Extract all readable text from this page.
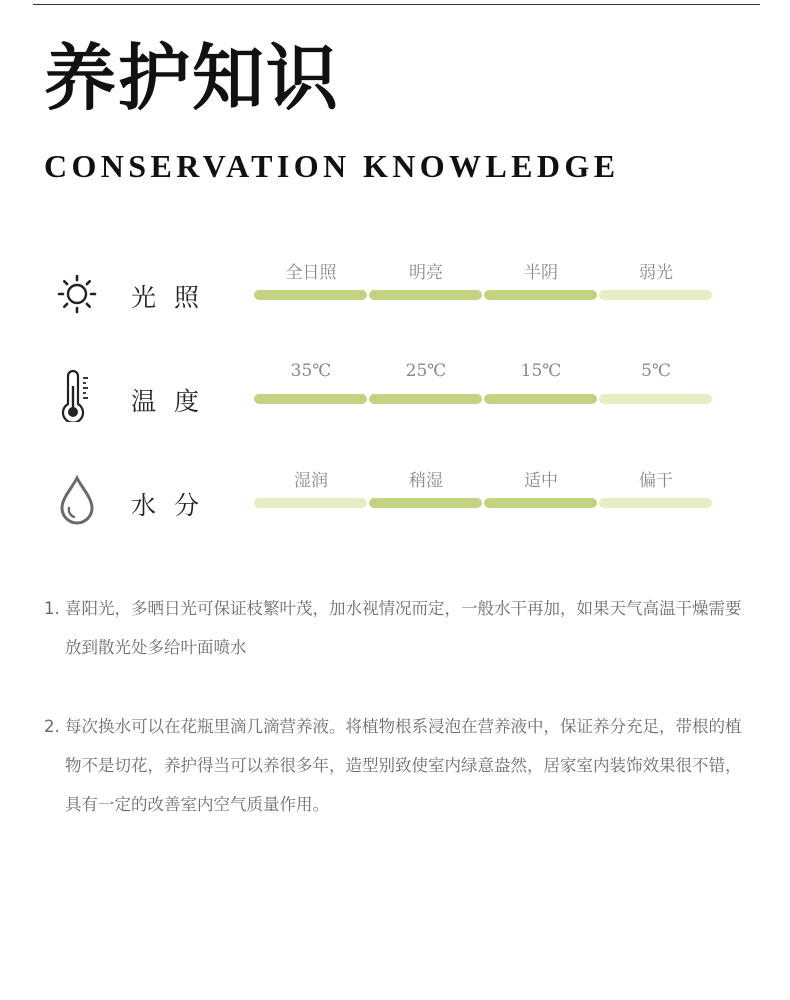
养护知识
CONSERVATION KNOWLEDGE
光照
全日照	明亮	半阴	弱光
温度
35℃	25℃	15℃	5℃
水分
湿润	稍湿	适中	偏干
1. 喜阳光，多晒日光可保证枝繁叶茂，加水视情况而定，一般水干再加，如果天气高温干燥需要放到散光处多给叶面喷水
2. 每次换水可以在花瓶里滴几滴营养液。将植物根系浸泡在营养液中，保证养分充足，带根的植物不是切花，养护得当可以养很多年，造型别致使室内绿意盎然，居家室内装饰效果很不错，具有一定的改善室内空气质量作用。
